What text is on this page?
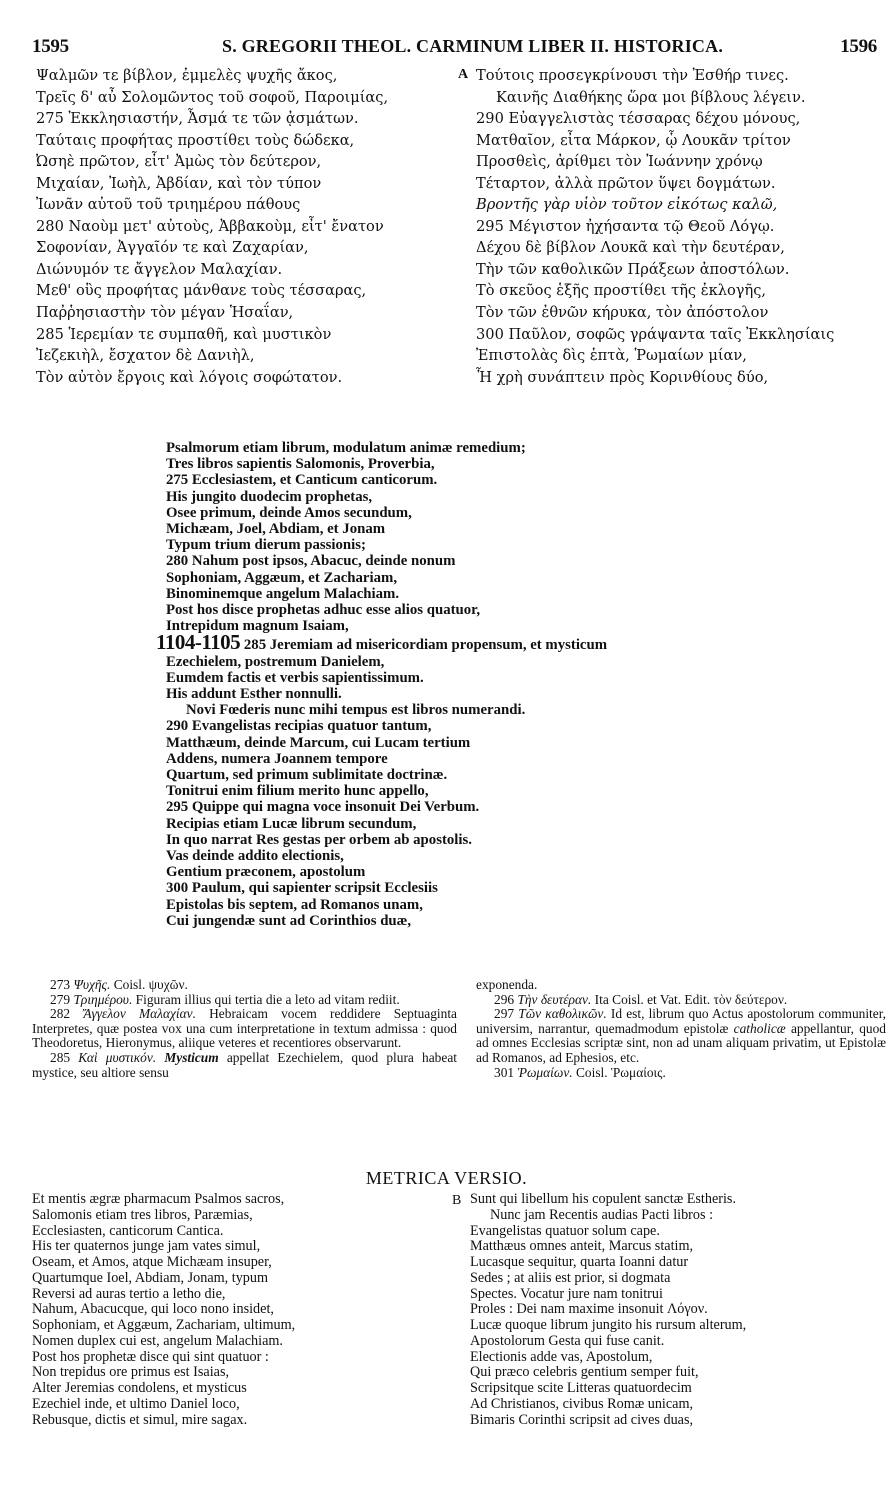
1595	S. GREGORII THEOL. CARMINUM LIBER II. HISTORICA.	1596
Ψαλμῶν τε βίβλον, ἐμμελὲς ψυχῆς ἄκος,
Τρεῖς δ' αὖ Σολομῶντος τοῦ σοφοῦ, Παροιμίας,
275 Ἐκκλησιαστήν, Ἆσμά τε τῶν ᾀσμάτων.
Ταύταις προφήτας προστίθει τοὺς δώδεκα,
Ὠσηὲ πρῶτον, εἶτ' Ἀμὼς τὸν δεύτερον,
Μιχαίαν, Ἰωὴλ, Ἀβδίαν, καὶ τὸν τύπον
Ἰωνᾶν αὐτοῦ τοῦ τριημέρου πάθους
280 Ναοὺμ μετ' αὐτοὺς, Ἀββακοὺμ, εἶτ' ἔνατον
Σοφονίαν, Ἀγγαῖόν τε καὶ Ζαχαρίαν,
Διώνυμόν τε ἄγγελον Μαλαχίαν.
Μεθ' οὓς προφήτας μάνθανε τοὺς τέσσαρας,
Παῤῥησιαστὴν τὸν μέγαν Ἡσαΐαν,
285 Ἱερεμίαν τε συμπαθῆ, καὶ μυστικὸν
Ἰεζεκιὴλ, ἔσχατον δὲ Δανιὴλ,
Τὸν αὐτὸν ἔργοις καὶ λόγοις σοφώτατον.
A Τούτοις προσεγκρίνουσι τὴν Ἐσθήρ τινες.
Καινῆς Διαθήκης ὥρα μοι βίβλους λέγειν.
290 Εὐαγγελιστὰς τέσσαρας δέχου μόνους,
Ματθαῖον, εἶτα Μάρκον, ᾧ Λουκᾶν τρίτον
Προσθεὶς, ἀρίθμει τὸν Ἰωάννην χρόνῳ
Τέταρτον, ἀλλὰ πρῶτον ὕψει δογμάτων.
Βροντῆς γὰρ υἱὸν τοῦτον εἰκότως καλῶ,
295 Μέγιστον ἠχήσαντα τῷ Θεοῦ Λόγῳ.
Δέχου δὲ βίβλον Λουκᾶ καὶ τὴν δευτέραν,
Τὴν τῶν καθολικῶν Πράξεων ἀποστόλων.
Τὸ σκεῦος ἑξῆς προστίθει τῆς ἐκλογῆς,
Τὸν τῶν ἐθνῶν κήρυκα, τὸν ἀπόστολον
300 Παῦλον, σοφῶς γράψαντα ταῖς Ἐκκλησίαις
Ἐπιστολὰς δὶς ἑπτὰ, Ῥωμαίων μίαν,
Ἧ χρὴ συνάπτειν πρὸς Κορινθίους δύο,
Psalmorum etiam librum, modulatum animæ remedium;
Tres libros sapientis Salomonis, Proverbia,
275 Ecclesiastem, et Canticum canticorum.
His jungito duodecim prophetas,
Osee primum, deinde Amos secundum,
Michæam, Joel, Abdiam, et Jonam
Typum trium dierum passionis;
280 Nahum post ipsos, Abacuc, deinde nonum
Sophoniam, Aggæum, et Zachariam,
Binominemque angelum Malachiam.
Post hos disce prophetas adhuc esse alios quatuor,
Intrepidum magnum Isaiam,
1104-1105 285 Jeremiam ad misericordiam propensum, et mysticum
Ezechielem, postremum Danielem,
Eumdem factis et verbis sapientissimum.
His addunt Esther nonnulli.
Novi Fœderis nunc mihi tempus est libros numerandi.
290 Evangelistas recipias quatuor tantum,
Matthæum, deinde Marcum, cui Lucam tertium
Addens, numera Joannem tempore
Quartum, sed primum sublimitate doctrinæ.
Tonitrui enim filium merito hunc appello,
295 Quippe qui magna voce insonuit Dei Verbum.
Recipias etiam Lucæ librum secundum,
In quo narrat Res gestas per orbem ab apostolis.
Vas deinde addito electionis,
Gentium præconem, apostolum
300 Paulum, qui sapienter scripsit Ecclesiis
Epistolas bis septem, ad Romanos unam,
Cui jungendæ sunt ad Corinthios duæ,

273 Ψυχῆς. Coisl. ψυχῶν.

279 Τριημέρου. Figuram illius qui tertia die a leto ad vitam rediit.

282 Ἄγγελον Μαλαχίαν. Hebraicam vocem reddidere Septuaginta Interpretes, quæ postea vox una cum interpretatione in textum admissa : quod Theodoretus, Hieronymus, aliique veteres et recentiores observarunt.

285 Καὶ μυστικόν. Mysticum appellat Ezechielem, quod plura habeat mystice, seu altiore sensu

exponenda.

296 Τὴν δευτέραν. Ita Coisl. et Vat. Edit. τὸν δεύτερον.

297 Τῶν καθολικῶν. Id est, librum quo Actus apostolorum communiter, universim, narrantur, quemadmodum epistolæ catholicæ appellantur, quod ad omnes Ecclesias scriptæ sint, non ad unam aliquam privatim, ut Epistolæ ad Romanos, ad Ephesios, etc.

301 Ῥωμαίων. Coisl. Ῥωμαίοις.

METRICA VERSIO.
Et mentis ægræ pharmacum Psalmos sacros,
Salomonis etiam tres libros, Paræmias,
Ecclesiasten, canticorum Cantica.
His ter quaternos junge jam vates simul,
Oseam, et Amos, atque Michæam insuper,
Quartumque Ioel, Abdiam, Jonam, typum
Reversi ad auras tertio a letho die,
Nahum, Abacucque, qui loco nono insidet,
Sophoniam, et Aggæum, Zachariam, ultimum,
Nomen duplex cui est, angelum Malachiam.
Post hos prophetæ disce qui sint quatuor :
Non trepidus ore primus est Isaias,
Alter Jeremias condolens, et mysticus
Ezechiel inde, et ultimo Daniel loco,
Rebusque, dictis et simul, mire sagax.
B Sunt qui libellum his copulent sanctæ Estheris.
Nunc jam Recentis audias Pacti libros :
Evangelistas quatuor solum cape.
Matthæus omnes anteit, Marcus statim,
Lucasque sequitur, quarta Ioanni datur
Sedes ; at aliis est prior, si dogmata
Spectes. Vocatur jure nam tonitrui
Proles : Dei nam maxime insonuit Λόγον.
Lucæ quoque librum jungito his rursum alterum,
Apostolorum Gesta qui fuse canit.
Electionis adde vas, Apostolum,
Qui præco celebris gentium semper fuit,
Scripsitque scite Litteras quatuordecim
Ad Christianos, civibus Romæ unicam,
Bimaris Corinthi scripsit ad cives duas,
